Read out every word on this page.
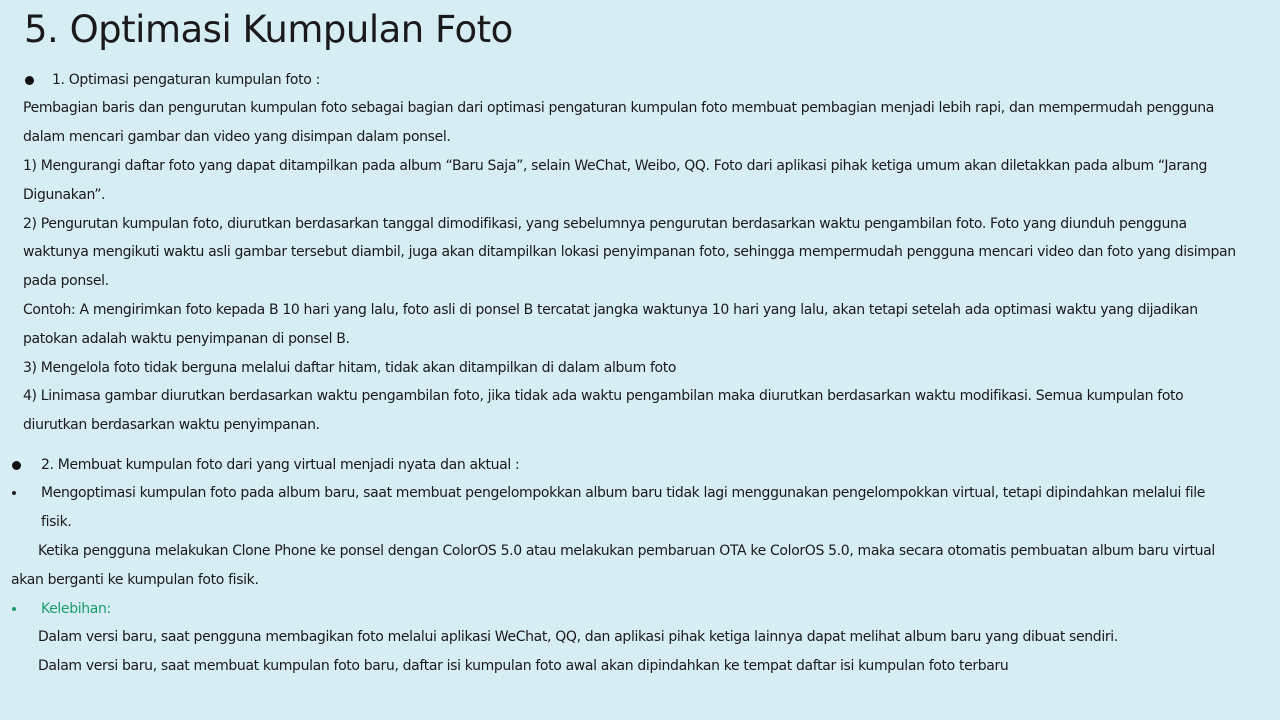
5. Optimasi Kumpulan Foto
1. Optimasi pengaturan kumpulan foto :
Pembagian baris dan pengurutan kumpulan foto sebagai bagian dari optimasi pengaturan kumpulan foto membuat pembagian menjadi lebih rapi, dan mempermudah pengguna
dalam mencari gambar dan video yang disimpan dalam ponsel.
1) Mengurangi daftar foto yang dapat ditampilkan pada album “Baru Saja”, selain WeChat, Weibo, QQ. Foto dari aplikasi pihak ketiga umum akan diletakkan pada album “Jarang
Digunakan”.
2) Pengurutan kumpulan foto, diurutkan berdasarkan tanggal dimodifikasi, yang sebelumnya pengurutan berdasarkan waktu pengambilan foto. Foto yang diunduh pengguna
waktunya mengikuti waktu asli gambar tersebut diambil, juga akan ditampilkan lokasi penyimpanan foto, sehingga mempermudah pengguna mencari video dan foto yang disimpan
pada ponsel.
Contoh: A mengirimkan foto kepada B 10 hari yang lalu, foto asli di ponsel B tercatat jangka waktunya 10 hari yang lalu, akan tetapi setelah ada optimasi waktu yang dijadikan
patokan adalah waktu penyimpanan di ponsel B.
3) Mengelola foto tidak berguna melalui daftar hitam, tidak akan ditampilkan di dalam album foto
4) Linimasa gambar diurutkan berdasarkan waktu pengambilan foto, jika tidak ada waktu pengambilan maka diurutkan berdasarkan waktu modifikasi. Semua kumpulan foto
diurutkan berdasarkan waktu penyimpanan.
2. Membuat kumpulan foto dari yang virtual menjadi nyata dan aktual :
Mengoptimasi kumpulan foto pada album baru, saat membuat pengelompokkan album baru tidak lagi menggunakan pengelompokkan virtual, tetapi dipindahkan melalui file
fisik.
Ketika pengguna melakukan Clone Phone ke ponsel dengan ColorOS 5.0 atau melakukan pembaruan OTA ke ColorOS 5.0, maka secara otomatis pembuatan album baru virtual
akan berganti ke kumpulan foto fisik.
Kelebihan:
Dalam versi baru, saat pengguna membagikan foto melalui aplikasi WeChat, QQ, dan aplikasi pihak ketiga lainnya dapat melihat album baru yang dibuat sendiri.
Dalam versi baru, saat membuat kumpulan foto baru, daftar isi kumpulan foto awal akan dipindahkan ke tempat daftar isi kumpulan foto terbaru
